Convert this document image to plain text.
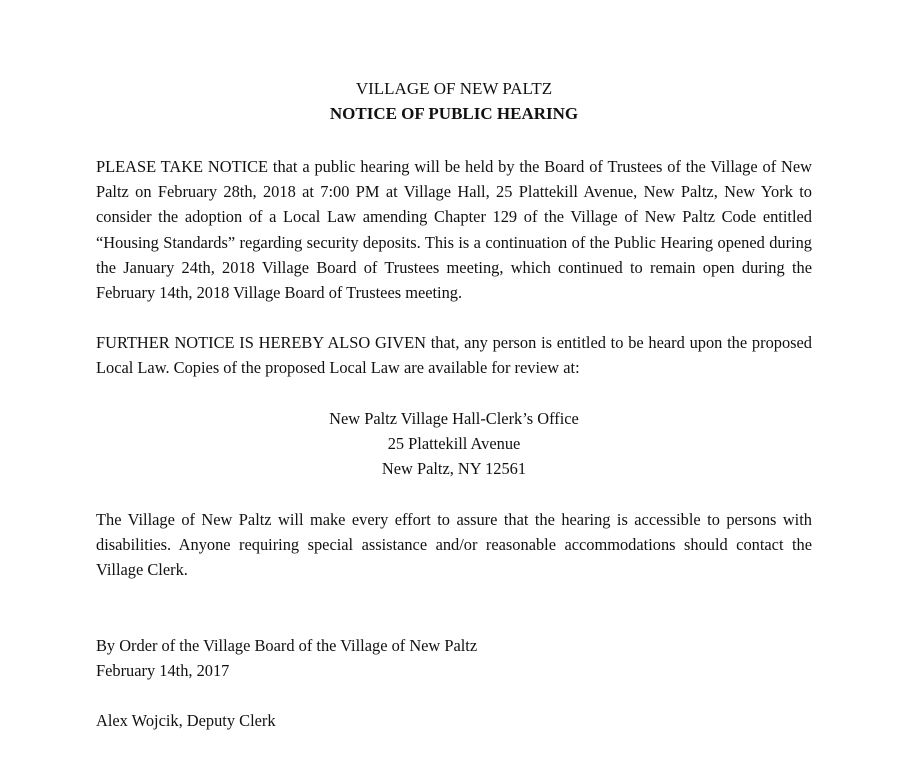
VILLAGE OF NEW PALTZ
NOTICE OF PUBLIC HEARING

PLEASE TAKE NOTICE that a public hearing will be held by the Board of Trustees of the Village of New Paltz on February 28th, 2018 at 7:00 PM at Village Hall, 25 Plattekill Avenue, New Paltz, New York to consider the adoption of a Local Law amending Chapter 129 of the Village of New Paltz Code entitled “Housing Standards” regarding security deposits. This is a continuation of the Public Hearing opened during the January 24th, 2018 Village Board of Trustees meeting, which continued to remain open during the February 14th, 2018 Village Board of Trustees meeting.

FURTHER NOTICE IS HEREBY ALSO GIVEN that, any person is entitled to be heard upon the proposed Local Law. Copies of the proposed Local Law are available for review at:

New Paltz Village Hall-Clerk’s Office
25 Plattekill Avenue
New Paltz, NY 12561

The Village of New Paltz will make every effort to assure that the hearing is accessible to persons with disabilities. Anyone requiring special assistance and/or reasonable accommodations should contact the Village Clerk.

By Order of the Village Board of the Village of New Paltz
February 14th, 2017
Alex Wojcik, Deputy Clerk
